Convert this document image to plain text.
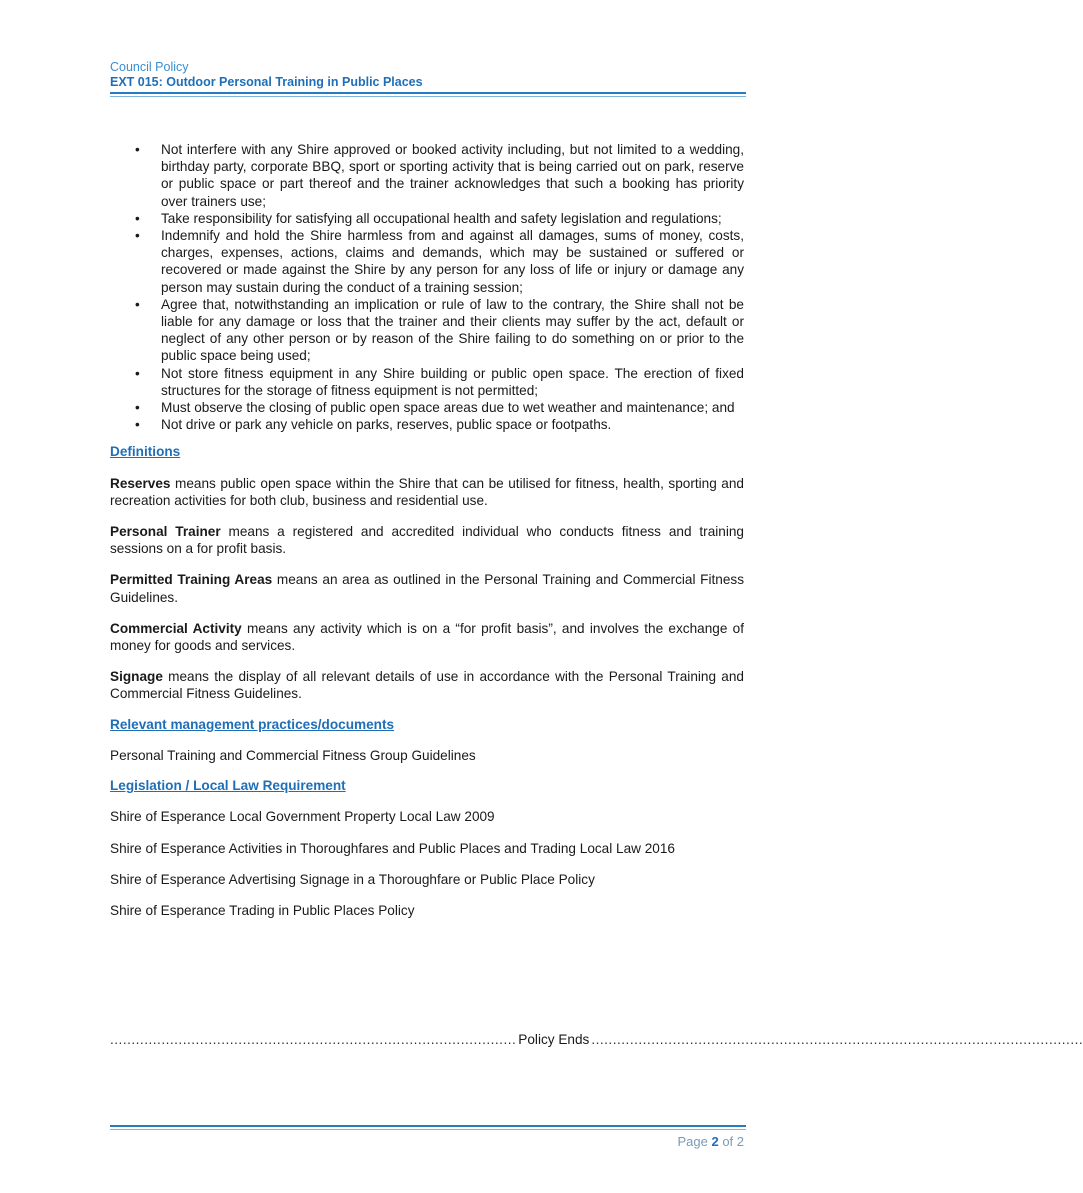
Council Policy
EXT 015: Outdoor Personal Training in Public Places
• Not interfere with any Shire approved or booked activity including, but not limited to a wedding, birthday party, corporate BBQ, sport or sporting activity that is being carried out on park, reserve or public space or part thereof and the trainer acknowledges that such a booking has priority over trainers use;
• Take responsibility for satisfying all occupational health and safety legislation and regulations;
• Indemnify and hold the Shire harmless from and against all damages, sums of money, costs, charges, expenses, actions, claims and demands, which may be sustained or suffered or recovered or made against the Shire by any person for any loss of life or injury or damage any person may sustain during the conduct of a training session;
• Agree that, notwithstanding an implication or rule of law to the contrary, the Shire shall not be liable for any damage or loss that the trainer and their clients may suffer by the act, default or neglect of any other person or by reason of the Shire failing to do something on or prior to the public space being used;
• Not store fitness equipment in any Shire building or public open space. The erection of fixed structures for the storage of fitness equipment is not permitted;
• Must observe the closing of public open space areas due to wet weather and maintenance; and
• Not drive or park any vehicle on parks, reserves, public space or footpaths.
Definitions

Reserves means public open space within the Shire that can be utilised for fitness, health, sporting and recreation activities for both club, business and residential use.

Personal Trainer means a registered and accredited individual who conducts fitness and training sessions on a for profit basis.

Permitted Training Areas means an area as outlined in the Personal Training and Commercial Fitness Guidelines.

Commercial Activity means any activity which is on a “for profit basis”, and involves the exchange of money for goods and services.

Signage means the display of all relevant details of use in accordance with the Personal Training and Commercial Fitness Guidelines.

Relevant management practices/documents

Personal Training and Commercial Fitness Group Guidelines

Legislation / Local Law Requirement

Shire of Esperance Local Government Property Local Law 2009

Shire of Esperance Activities in Thoroughfares and Public Places and Trading Local Law 2016

Shire of Esperance Advertising Signage in a Thoroughfare or Public Place Policy

Shire of Esperance Trading in Public Places Policy

............................................................................................... Policy Ends ...................................................................................................................
Page 2 of 2
